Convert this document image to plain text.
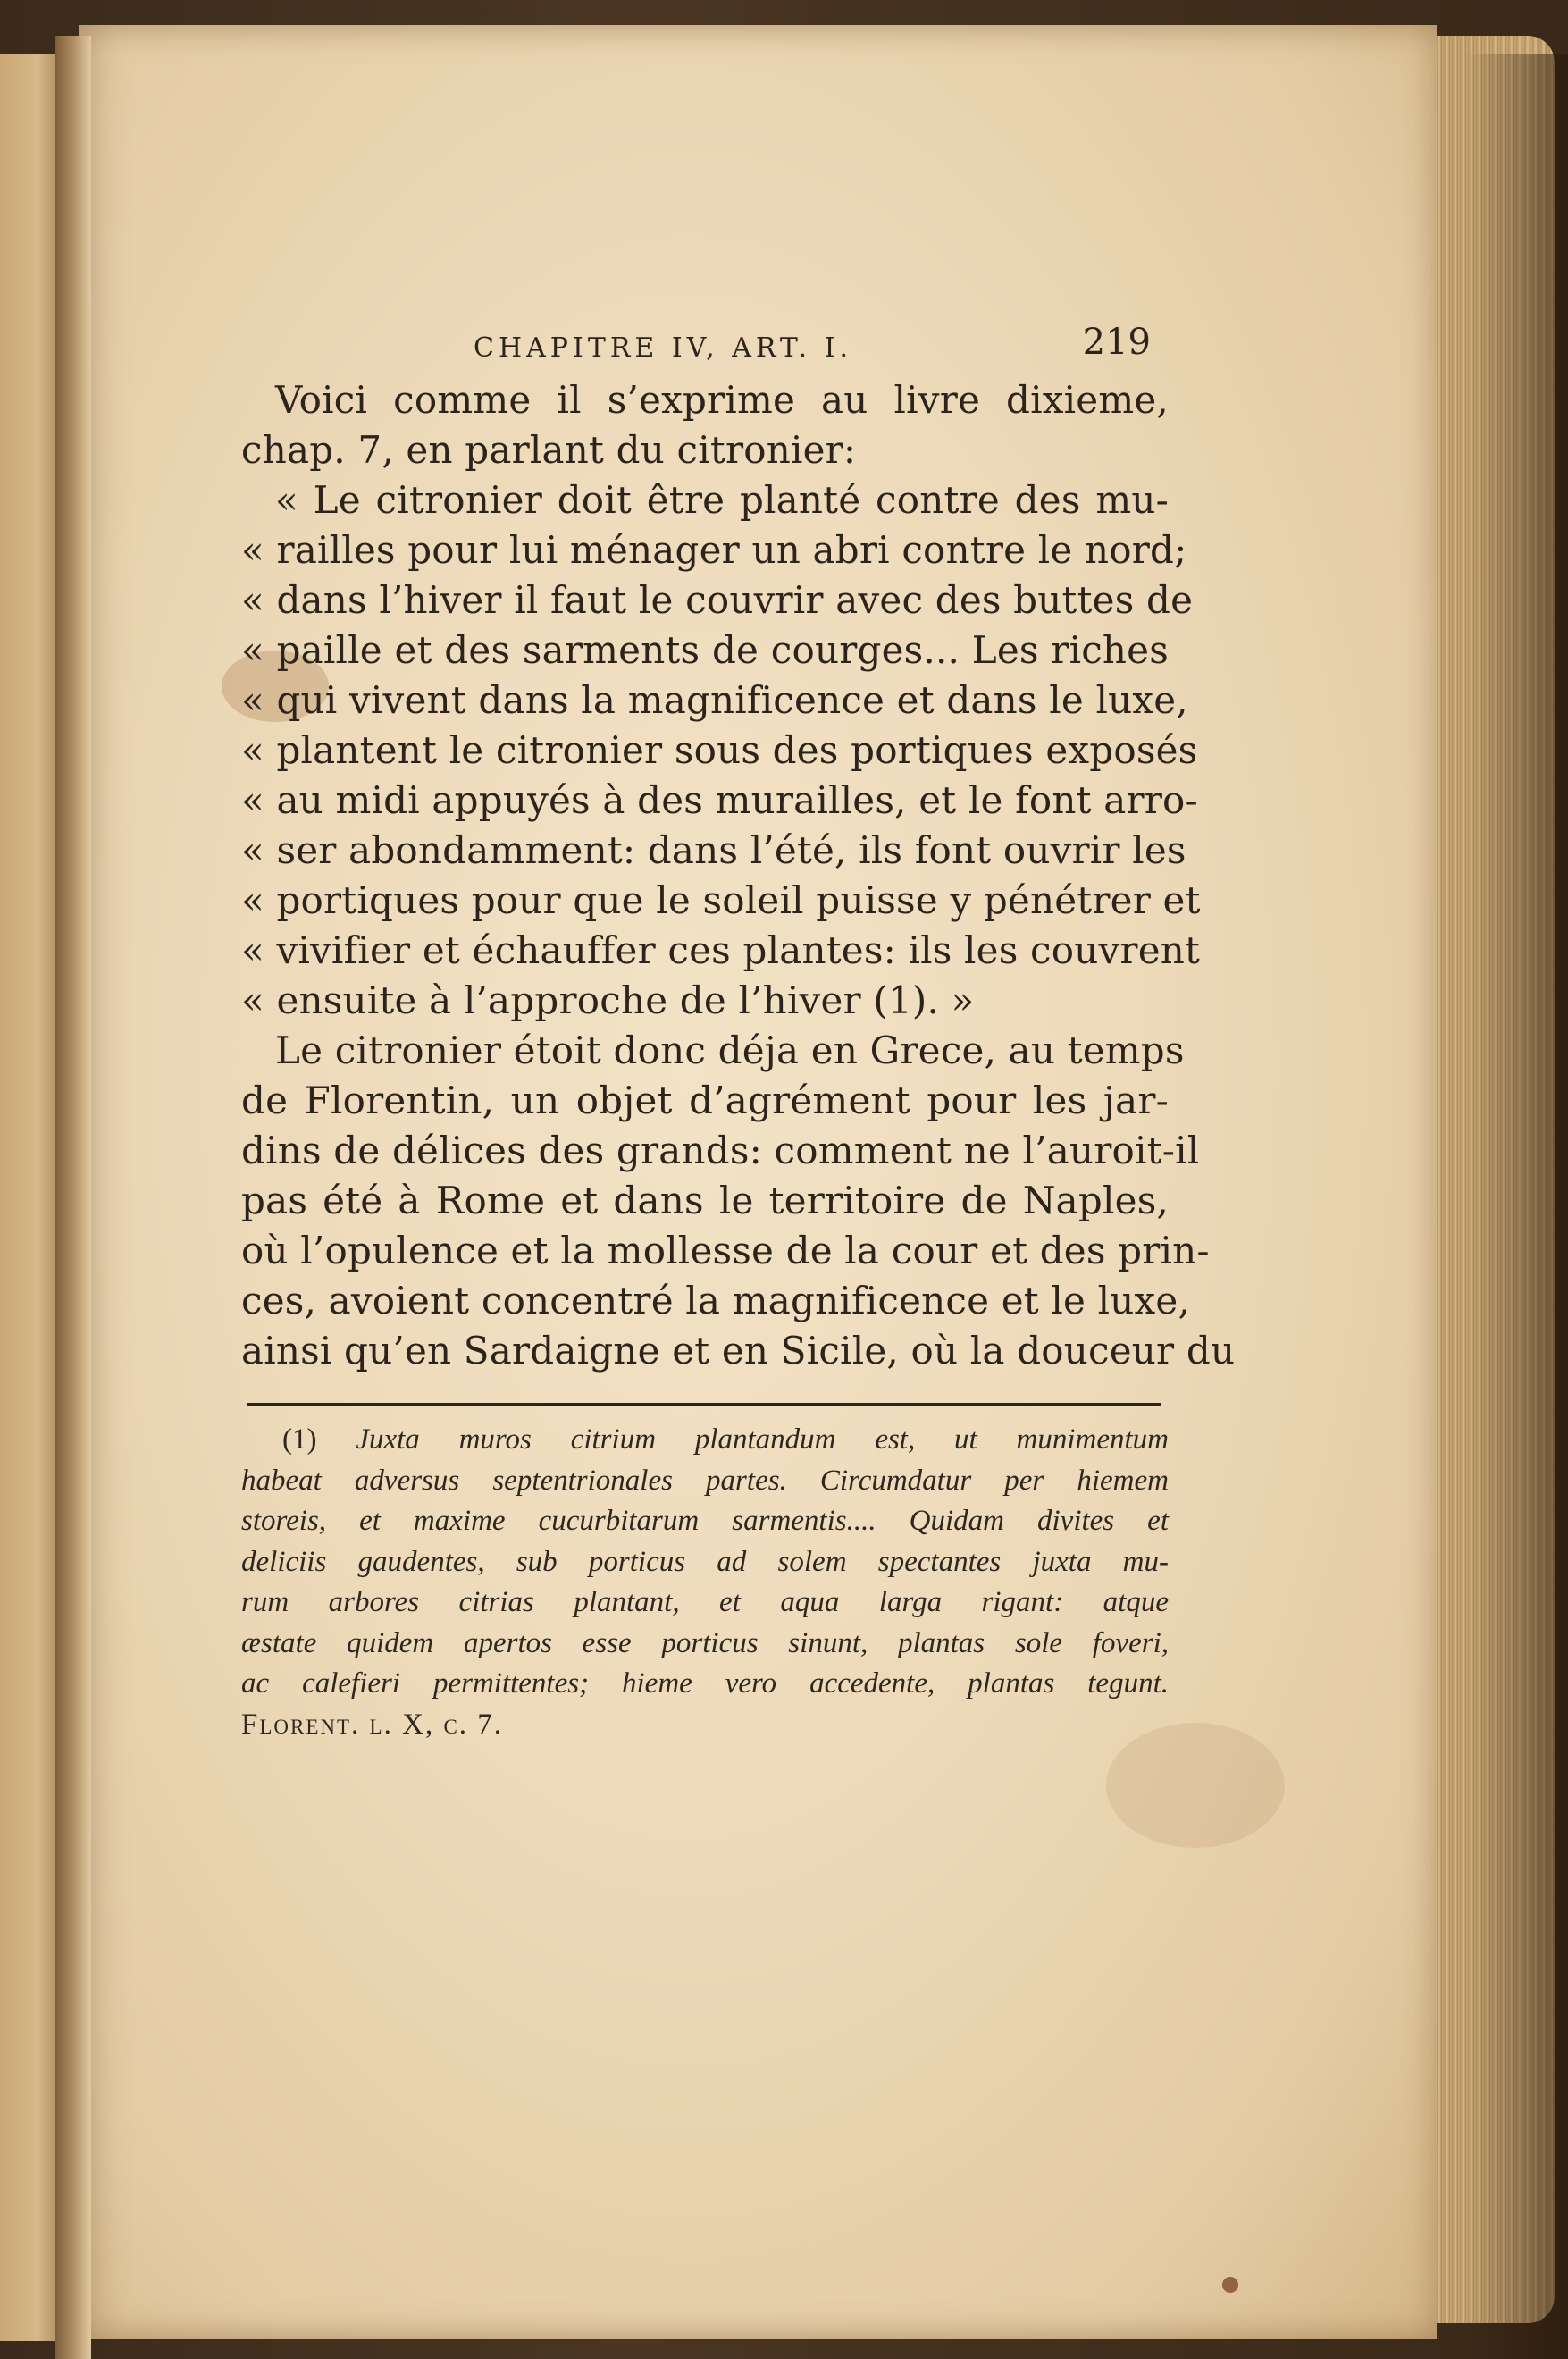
CHAPITRE IV, ART. I.	219
Voici comme il s’exprime au livre dixieme,
chap. 7, en parlant du citronier:
« Le citronier doit être planté contre des mu-
« railles pour lui ménager un abri contre le nord;
« dans l’hiver il faut le couvrir avec des buttes de
« paille et des sarments de courges... Les riches
« qui vivent dans la magnificence et dans le luxe,
« plantent le citronier sous des portiques exposés
« au midi appuyés à des murailles, et le font arro-
« ser abondamment: dans l’été, ils font ouvrir les
« portiques pour que le soleil puisse y pénétrer et
« vivifier et échauffer ces plantes: ils les couvrent
« ensuite à l’approche de l’hiver (1). »
Le citronier étoit donc déja en Grece, au temps
de Florentin, un objet d’agrément pour les jar-
dins de délices des grands: comment ne l’auroit-il
pas été à Rome et dans le territoire de Naples,
où l’opulence et la mollesse de la cour et des prin-
ces, avoient concentré la magnificence et le luxe,
ainsi qu’en Sardaigne et en Sicile, où la douceur du
(1) Juxta muros citrium plantandum est, ut munimentum
habeat adversus septentrionales partes. Circumdatur per hiemem
storeis, et maxime cucurbitarum sarmentis.... Quidam divites et
deliciis gaudentes, sub porticus ad solem spectantes juxta mu-
rum arbores citrias plantant, et aqua larga rigant: atque
æstate quidem apertos esse porticus sinunt, plantas sole foveri,
ac calefieri permittentes; hieme vero accedente, plantas tegunt.
Florent. l. X, c. 7.
